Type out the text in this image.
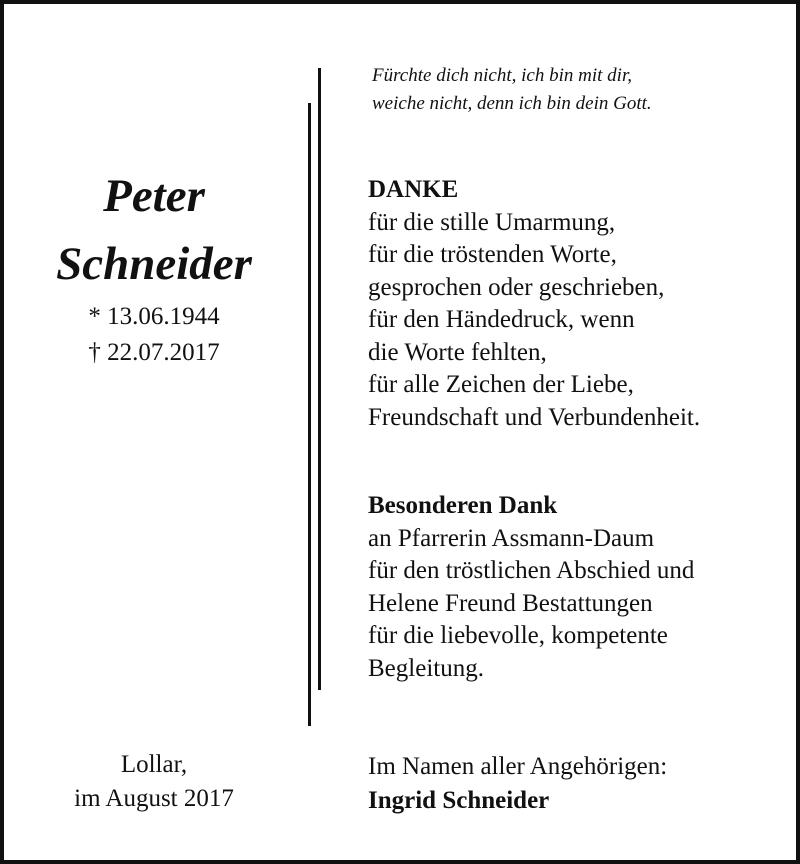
Fürchte dich nicht, ich bin mit dir,
weiche nicht, denn ich bin dein Gott.
Peter
Schneider
* 13.06.1944
† 22.07.2017
DANKE
für die stille Umarmung,
für die tröstenden Worte,
gesprochen oder geschrieben,
für den Händedruck, wenn
die Worte fehlten,
für alle Zeichen der Liebe,
Freundschaft und Verbundenheit.
Besonderen Dank
an Pfarrerin Assmann-Daum
für den tröstlichen Abschied und
Helene Freund Bestattungen
für die liebevolle, kompetente
Begleitung.
Lollar,
im August 2017
Im Namen aller Angehörigen:
Ingrid Schneider
